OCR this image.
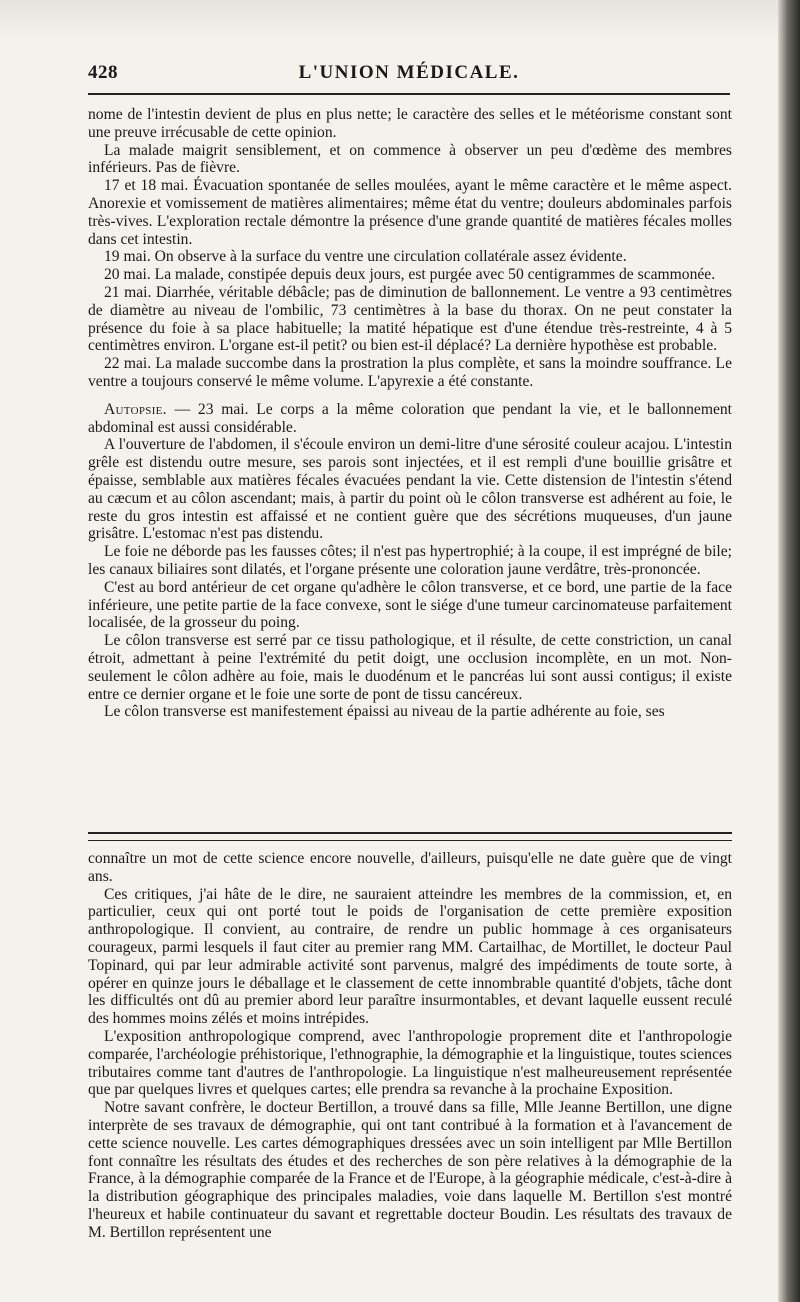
428	L'UNION MÉDICALE.

nome de l'intestin devient de plus en plus nette; le caractère des selles et le météorisme constant sont une preuve irrécusable de cette opinion.

La malade maigrit sensiblement, et on commence à observer un peu d'œdème des membres inférieurs. Pas de fièvre.

17 et 18 mai. Évacuation spontanée de selles moulées, ayant le même caractère et le même aspect. Anorexie et vomissement de matières alimentaires; même état du ventre; douleurs abdominales parfois très-vives. L'exploration rectale démontre la présence d'une grande quantité de matières fécales molles dans cet intestin.

19 mai. On observe à la surface du ventre une circulation collatérale assez évidente.

20 mai. La malade, constipée depuis deux jours, est purgée avec 50 centigrammes de scammonée.

21 mai. Diarrhée, véritable débâcle; pas de diminution de ballonnement. Le ventre a 93 centimètres de diamètre au niveau de l'ombilic, 73 centimètres à la base du thorax. On ne peut constater la présence du foie à sa place habituelle; la matité hépatique est d'une étendue très-restreinte, 4 à 5 centimètres environ. L'organe est-il petit? ou bien est-il déplacé? La dernière hypothèse est probable.

22 mai. La malade succombe dans la prostration la plus complète, et sans la moindre souffrance. Le ventre a toujours conservé le même volume. L'apyrexie a été constante.

Autopsie. — 23 mai. Le corps a la même coloration que pendant la vie, et le ballonnement abdominal est aussi considérable.

A l'ouverture de l'abdomen, il s'écoule environ un demi-litre d'une sérosité couleur acajou. L'intestin grêle est distendu outre mesure, ses parois sont injectées, et il est rempli d'une bouillie grisâtre et épaisse, semblable aux matières fécales évacuées pendant la vie. Cette distension de l'intestin s'étend au cæcum et au côlon ascendant; mais, à partir du point où le côlon transverse est adhérent au foie, le reste du gros intestin est affaissé et ne contient guère que des sécrétions muqueuses, d'un jaune grisâtre. L'estomac n'est pas distendu.

Le foie ne déborde pas les fausses côtes; il n'est pas hypertrophié; à la coupe, il est imprégné de bile; les canaux biliaires sont dilatés, et l'organe présente une coloration jaune verdâtre, très-prononcée.

C'est au bord antérieur de cet organe qu'adhère le côlon transverse, et ce bord, une partie de la face inférieure, une petite partie de la face convexe, sont le siége d'une tumeur carcinomateuse parfaitement localisée, de la grosseur du poing.

Le côlon transverse est serré par ce tissu pathologique, et il résulte, de cette constriction, un canal étroit, admettant à peine l'extrémité du petit doigt, une occlusion incomplète, en un mot. Non-seulement le côlon adhère au foie, mais le duodénum et le pancréas lui sont aussi contigus; il existe entre ce dernier organe et le foie une sorte de pont de tissu cancéreux.

Le côlon transverse est manifestement épaissi au niveau de la partie adhérente au foie, ses

connaître un mot de cette science encore nouvelle, d'ailleurs, puisqu'elle ne date guère que de vingt ans.

Ces critiques, j'ai hâte de le dire, ne sauraient atteindre les membres de la commission, et, en particulier, ceux qui ont porté tout le poids de l'organisation de cette première exposition anthropologique. Il convient, au contraire, de rendre un public hommage à ces organisateurs courageux, parmi lesquels il faut citer au premier rang MM. Cartailhac, de Mortillet, le docteur Paul Topinard, qui par leur admirable activité sont parvenus, malgré des impédiments de toute sorte, à opérer en quinze jours le déballage et le classement de cette innombrable quantité d'objets, tâche dont les difficultés ont dû au premier abord leur paraître insurmontables, et devant laquelle eussent reculé des hommes moins zélés et moins intrépides.

L'exposition anthropologique comprend, avec l'anthropologie proprement dite et l'anthropologie comparée, l'archéologie préhistorique, l'ethnographie, la démographie et la linguistique, toutes sciences tributaires comme tant d'autres de l'anthropologie. La linguistique n'est malheureusement représentée que par quelques livres et quelques cartes; elle prendra sa revanche à la prochaine Exposition.

Notre savant confrère, le docteur Bertillon, a trouvé dans sa fille, Mlle Jeanne Bertillon, une digne interprète de ses travaux de démographie, qui ont tant contribué à la formation et à l'avancement de cette science nouvelle. Les cartes démographiques dressées avec un soin intelligent par Mlle Bertillon font connaître les résultats des études et des recherches de son père relatives à la démographie de la France, à la démographie comparée de la France et de l'Europe, à la géographie médicale, c'est-à-dire à la distribution géographique des principales maladies, voie dans laquelle M. Bertillon s'est montré l'heureux et habile continuateur du savant et regrettable docteur Boudin. Les résultats des travaux de M. Bertillon représentent une
